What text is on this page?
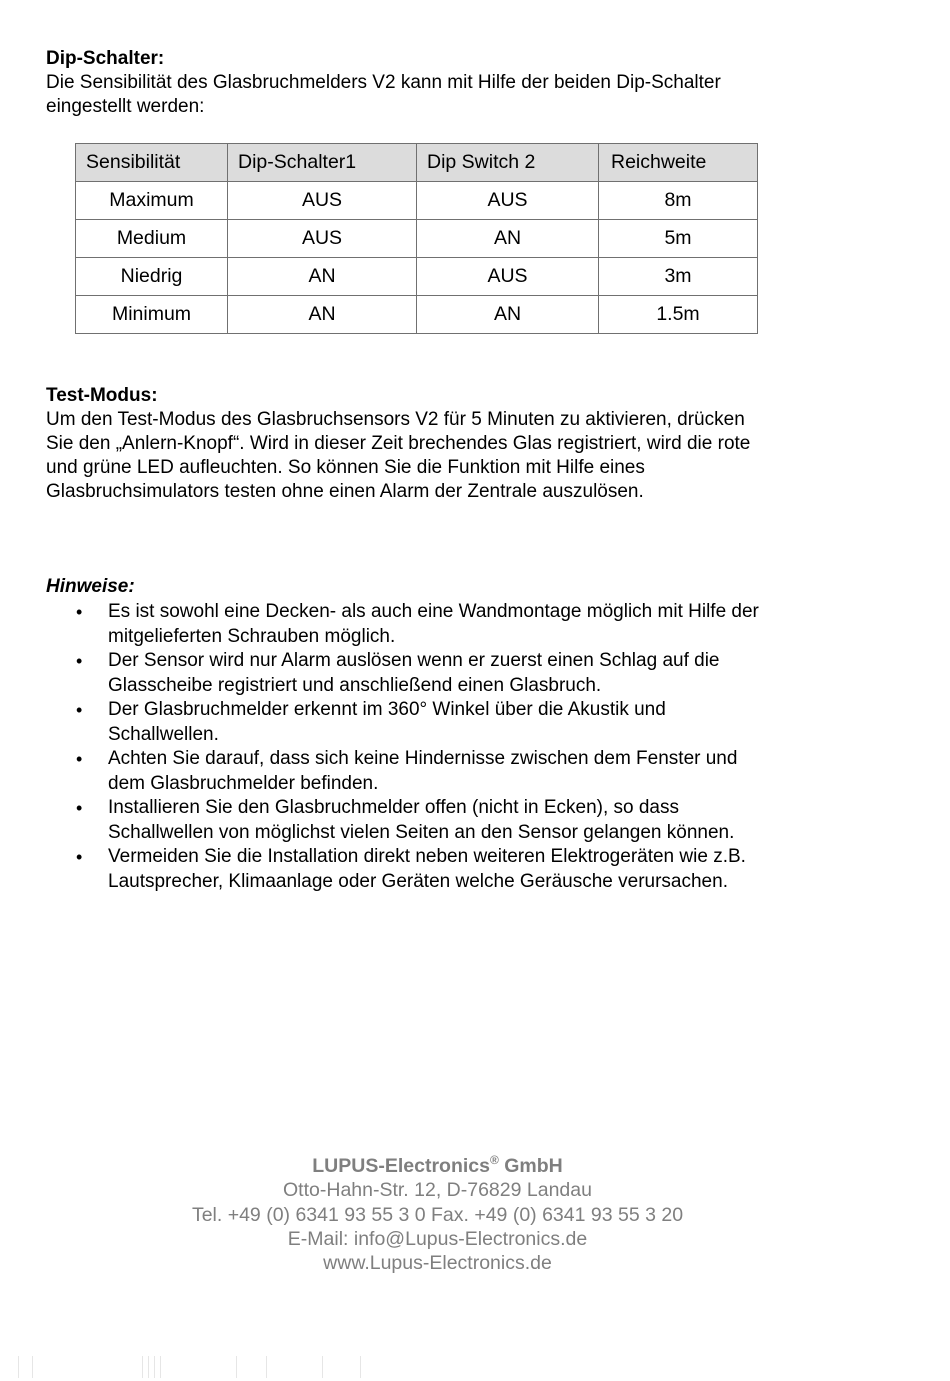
Dip-Schalter:

Die Sensibilität des Glasbruchmelders V2 kann mit Hilfe der beiden Dip-Schalter
eingestellt werden:

Sensibilität	Dip-Schalter1	Dip Switch 2	Reichweite
Maximum	AUS	AUS	8m
Medium	AUS	AN	5m
Niedrig	AN	AUS	3m
Minimum	AN	AN	1.5m

Test-Modus:

Um den Test-Modus des Glasbruchsensors V2 für 5 Minuten zu aktivieren, drücken
Sie den „Anlern-Knopf“. Wird in dieser Zeit brechendes Glas registriert, wird die rote
und grüne LED aufleuchten. So können Sie die Funktion mit Hilfe eines
Glasbruchsimulators testen ohne einen Alarm der Zentrale auszulösen.

Hinweise:

• Es ist sowohl eine Decken- als auch eine Wandmontage möglich mit Hilfe der
mitgelieferten Schrauben möglich.
• Der Sensor wird nur Alarm auslösen wenn er zuerst einen Schlag auf die
Glasscheibe registriert und anschließend einen Glasbruch.
• Der Glasbruchmelder erkennt im 360° Winkel über die Akustik und
Schallwellen.
• Achten Sie darauf, dass sich keine Hindernisse zwischen dem Fenster und
dem Glasbruchmelder befinden.
• Installieren Sie den Glasbruchmelder offen (nicht in Ecken), so dass
Schallwellen von möglichst vielen Seiten an den Sensor gelangen können.
• Vermeiden Sie die Installation direkt neben weiteren Elektrogeräten wie z.B.
Lautsprecher, Klimaanlage oder Geräten welche Geräusche verursachen.
LUPUS-Electronics® GmbH
Otto-Hahn-Str. 12, D-76829 Landau
Tel. +49 (0) 6341 93 55 3 0 Fax. +49 (0) 6341 93 55 3 20
E-Mail: info@Lupus-Electronics.de
www.Lupus-Electronics.de
